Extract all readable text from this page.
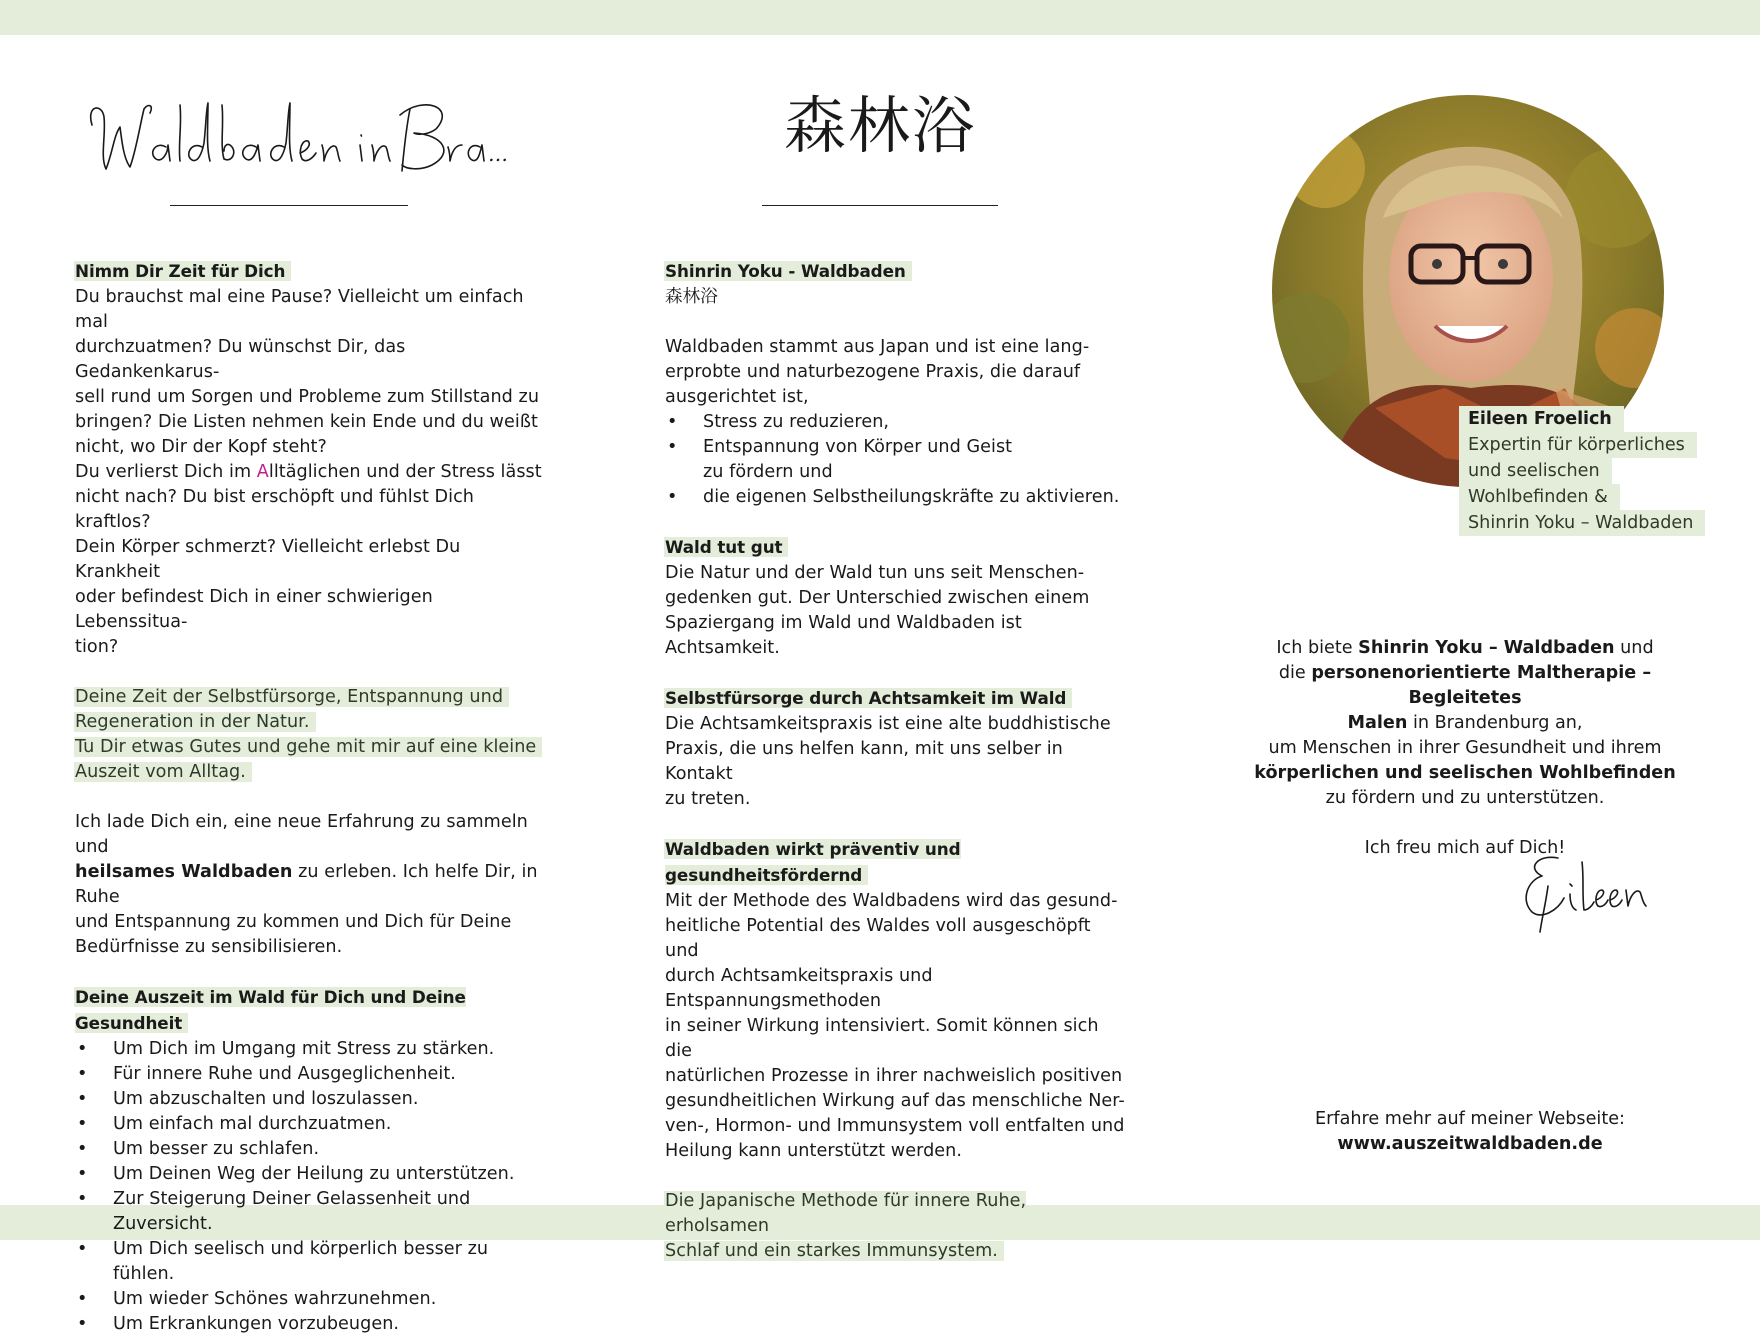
…

Nimm Dir Zeit für Dich

Du brauchst mal eine Pause? Vielleicht um einfach mal

durchzuatmen? Du wünschst Dir, das Gedankenkarus-

sell rund um Sorgen und Probleme zum Stillstand zu

bringen? Die Listen nehmen kein Ende und du weißt

nicht, wo Dir der Kopf steht?

Du verlierst Dich im Alltäglichen und der Stress lässt

nicht nach? Du bist erschöpft und fühlst Dich kraftlos?

Dein Körper schmerzt? Vielleicht erlebst Du Krankheit

oder befindest Dich in einer schwierigen Lebenssitua-

tion?

Deine Zeit der Selbstfürsorge, Entspannung und

Regeneration in der Natur.

Tu Dir etwas Gutes und gehe mit mir auf eine kleine

Auszeit vom Alltag.

Ich lade Dich ein, eine neue Erfahrung zu sammeln und

heilsames Waldbaden zu erleben. Ich helfe Dir, in Ruhe

und Entspannung zu kommen und Dich für Deine

Bedürfnisse zu sensibilisieren.

Deine Auszeit im Wald für Dich und Deine Gesundheit

• Um Dich im Umgang mit Stress zu stärken.
• Für innere Ruhe und Ausgeglichenheit.
• Um abzuschalten und loszulassen.
• Um einfach mal durchzuatmen.
• Um besser zu schlafen.
• Um Deinen Weg der Heilung zu unterstützen.
• Zur Steigerung Deiner Gelassenheit und Zuversicht.
• Um Dich seelisch und körperlich besser zu fühlen.
• Um wieder Schönes wahrzunehmen.
• Um Erkrankungen vorzubeugen.
森林浴

Shinrin Yoku - Waldbaden

森林浴

Waldbaden stammt aus Japan und ist eine lang-

erprobte und naturbezogene Praxis, die darauf

ausgerichtet ist,

• Stress zu reduzieren,
• Entspannung von Körper und Geist
zu fördern und
• die eigenen Selbstheilungskräfte zu aktivieren.

Wald tut gut

Die Natur und der Wald tun uns seit Menschen-

gedenken gut. Der Unterschied zwischen einem

Spaziergang im Wald und Waldbaden ist Achtsamkeit.

Selbstfürsorge durch Achtsamkeit im Wald

Die Achtsamkeitspraxis ist eine alte buddhistische

Praxis, die uns helfen kann, mit uns selber in Kontakt

zu treten.

Waldbaden wirkt präventiv und gesundheitsfördernd

Mit der Methode des Waldbadens wird das gesund-

heitliche Potential des Waldes voll ausgeschöpft und

durch Achtsamkeitspraxis und Entspannungsmethoden

in seiner Wirkung intensiviert. Somit können sich die

natürlichen Prozesse in ihrer nachweislich positiven

gesundheitlichen Wirkung auf das menschliche Ner-

ven-, Hormon- und Immunsystem voll entfalten und

Heilung kann unterstützt werden.

Die Japanische Methode für innere Ruhe, erholsamen

Schlaf und ein starkes Immunsystem.

Eileen Froelich
Expertin für körperliches
und seelischen
Wohlbefinden &
Shinrin Yoku – Waldbaden
Ich biete Shinrin Yoku – Waldbaden und
die personenorientierte Maltherapie – Begleitetes
Malen in Brandenburg an,
um Menschen in ihrer Gesundheit und ihrem
körperlichen und seelischen Wohlbefinden
zu fördern und zu unterstützen.
Ich freu mich auf Dich!
Erfahre mehr auf meiner Webseite:
www.auszeitwaldbaden.de
